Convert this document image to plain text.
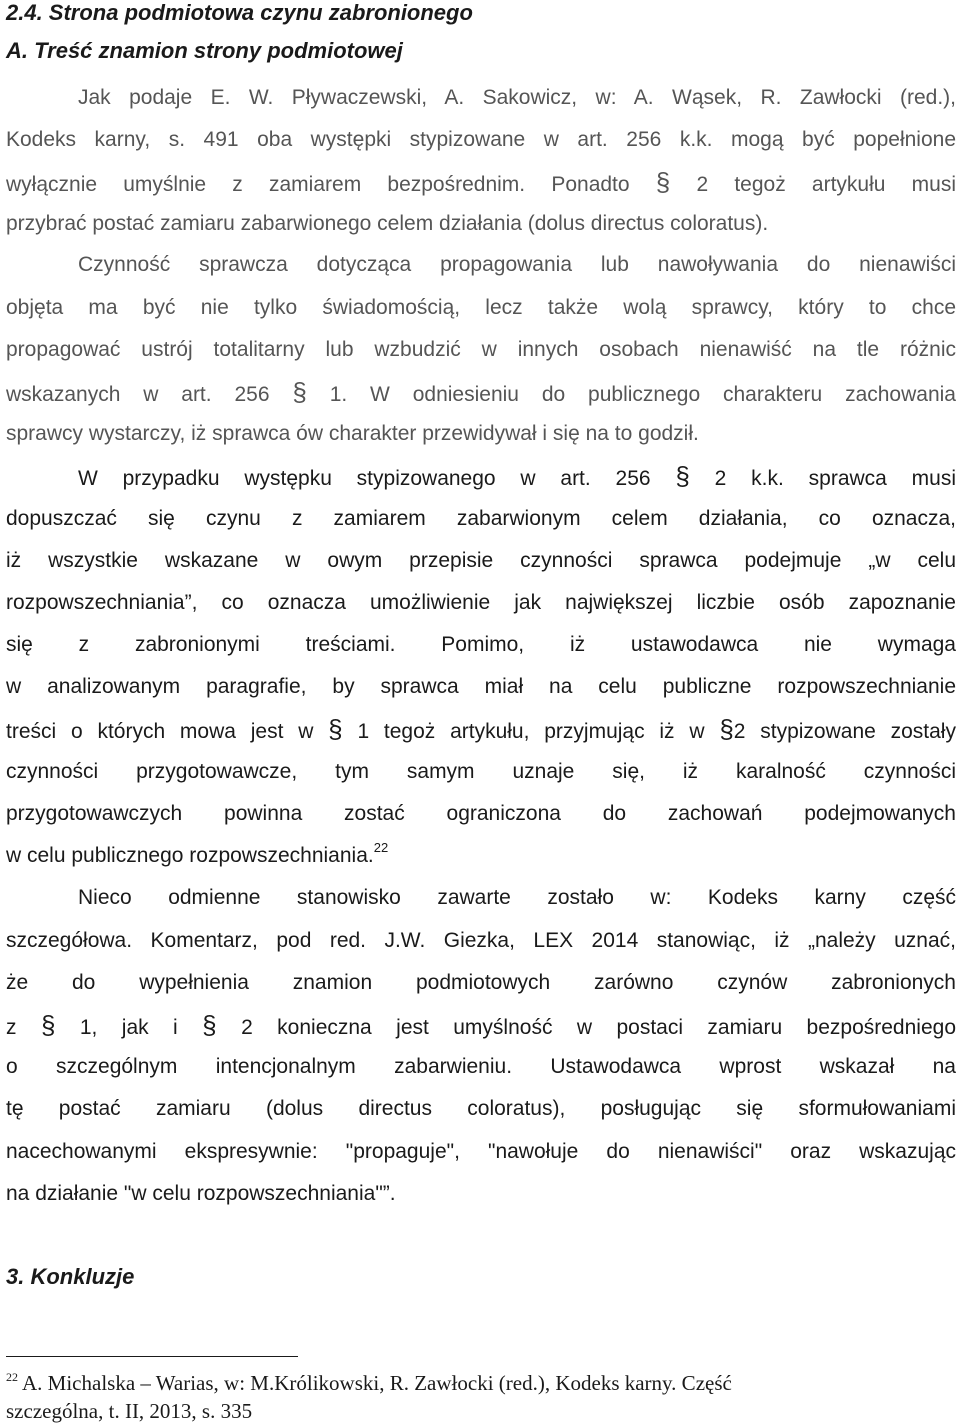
2.4. Strona podmiotowa czynu zabronionego
A. Treść znamion strony podmiotowej

Jak podaje E. W. Pływaczewski, A. Sakowicz, w: A. Wąsek, R. Zawłocki (red.),

Kodeks karny, s. 491 oba występki stypizowane w art. 256 k.k. mogą być popełnione

wyłącznie umyślnie z zamiarem bezpośrednim. Ponadto § 2 tegoż artykułu musi

przybrać postać zamiaru zabarwionego celem działania (dolus directus coloratus).

Czynność sprawcza dotycząca propagowania lub nawoływania do nienawiści

objęta ma być nie tylko świadomością, lecz także wolą sprawcy, który to chce

propagować ustrój totalitarny lub wzbudzić w innych osobach nienawiść na tle różnic

wskazanych w art. 256 § 1. W odniesieniu do publicznego charakteru zachowania

sprawcy wystarczy, iż sprawca ów charakter przewidywał i się na to godził.

W przypadku występku stypizowanego w art. 256 § 2 k.k. sprawca musi

dopuszczać się czynu z zamiarem zabarwionym celem działania, co oznacza,

iż wszystkie wskazane w owym przepisie czynności sprawca podejmuje „w celu

rozpowszechniania”, co oznacza umożliwienie jak największej liczbie osób zapoznanie

się z zabronionymi treściami. Pomimo, iż ustawodawca nie wymaga

w analizowanym paragrafie, by sprawca miał na celu publiczne rozpowszechnianie

treści o których mowa jest w § 1 tegoż artykułu, przyjmując iż w §2 stypizowane zostały

czynności przygotowawcze, tym samym uznaje się, iż karalność czynności

przygotowawczych powinna zostać ograniczona do zachowań podejmowanych

w celu publicznego rozpowszechniania.$^{22}$

Nieco odmienne stanowisko zawarte zostało w: Kodeks karny część

szczegółowa. Komentarz, pod red. J.W. Giezka, LEX 2014 stanowiąc, iż „należy uznać,

że do wypełnienia znamion podmiotowych zarówno czynów zabronionych

z § 1, jak i § 2 konieczna jest umyślność w postaci zamiaru bezpośredniego

o szczególnym intencjonalnym zabarwieniu. Ustawodawca wprost wskazał na

tę postać zamiaru (dolus directus coloratus), posługując się sformułowaniami

nacechowanymi ekspresywnie: "propaguje", "nawołuje do nienawiści" oraz wskazując

na działanie "w celu rozpowszechniania"”.

3. Konkluzje

$^{22}$ A. Michalska – Warias, w: M.Królikowski, R. Zawłocki (red.), Kodeks karny. Część

szczególna, t. II, 2013, s. 335
